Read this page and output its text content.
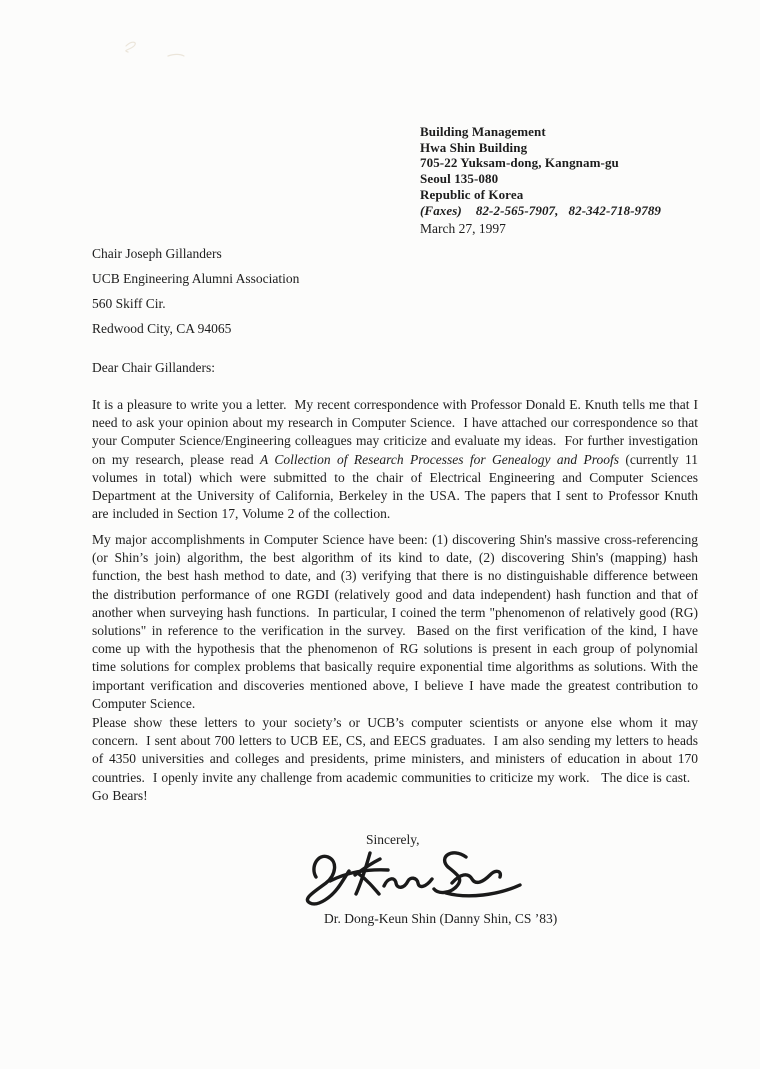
Building Management
Hwa Shin Building
705-22 Yuksam-dong, Kangnam-gu
Seoul 135-080
Republic of Korea
(Faxes) 82-2-565-7907,   82-342-718-9789
March 27, 1997
Chair Joseph Gillanders
UCB Engineering Alumni Association
560 Skiff Cir.
Redwood City, CA 94065
Dear Chair Gillanders:
It is a pleasure to write you a letter.  My recent correspondence with Professor Donald E. Knuth tells me that I need to ask your opinion about my research in Computer Science.  I have attached our correspondence so that your Computer Science/Engineering colleagues may criticize and evaluate my ideas.  For further investigation on my research, please read A Collection of Research Processes for Genealogy and Proofs (currently 11 volumes in total) which were submitted to the chair of Electrical Engineering and Computer Sciences Department at the University of California, Berkeley in the USA. The papers that I sent to Professor Knuth are included in Section 17, Volume 2 of the collection.
My major accomplishments in Computer Science have been: (1) discovering Shin's massive cross-referencing (or Shin’s join) algorithm, the best algorithm of its kind to date, (2) discovering Shin's (mapping) hash function, the best hash method to date, and (3) verifying that there is no distinguishable difference between the distribution performance of one RGDI (relatively good and data independent) hash function and that of another when surveying hash functions.  In particular, I coined the term "phenomenon of relatively good (RG) solutions" in reference to the verification in the survey.  Based on the first verification of the kind, I have come up with the hypothesis that the phenomenon of RG solutions is present in each group of polynomial time solutions for complex problems that basically require exponential time algorithms as solutions. With the important verification and discoveries mentioned above, I believe I have made the greatest contribution to Computer Science.
Please show these letters to your society’s or UCB’s computer scientists or anyone else whom it may concern.  I sent about 700 letters to UCB EE, CS, and EECS graduates.  I am also sending my letters to heads of 4350 universities and colleges and presidents, prime ministers, and ministers of education in about 170 countries.  I openly invite any challenge from academic communities to criticize my work.   The dice is cast.   Go Bears!
Sincerely,
Dr. Dong-Keun Shin (Danny Shin, CS ’83)
